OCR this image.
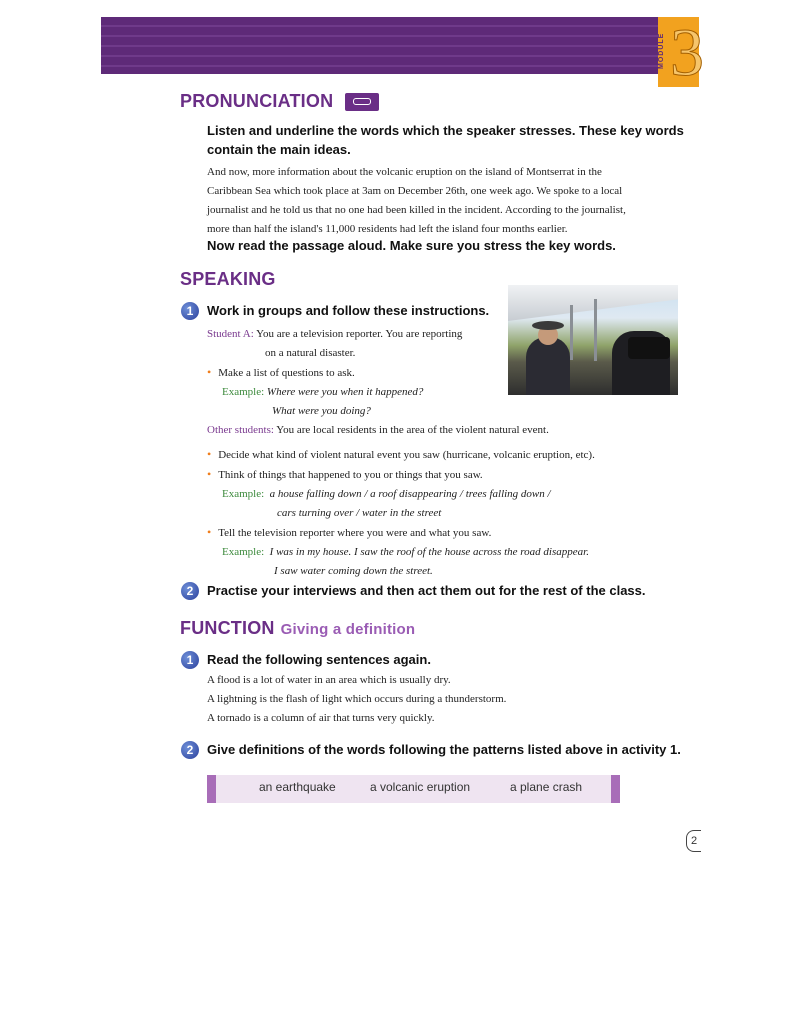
MODULE 3
PRONUNCIATION
Listen and underline the words which the speaker stresses. These key words
contain the main ideas.
And now, more information about the volcanic eruption on the island of Montserrat in the
Caribbean Sea which took place at 3am on December 26th, one week ago. We spoke to a local
journalist and he told us that no one had been killed in the incident. According to the journalist,
more than half the island's 11,000 residents had left the island four months earlier.
Now read the passage aloud. Make sure you stress the key words.
SPEAKING
1	Work in groups and follow these instructions.
Student A: You are a television reporter. You are reporting
on a natural disaster.
• Make a list of questions to ask.
Example: Where were you when it happened?
What were you doing?
Other students: You are local residents in the area of the violent natural event.
• Decide what kind of violent natural event you saw (hurricane, volcanic eruption, etc).
• Think of things that happened to you or things that you saw.
Example: a house falling down / a roof disappearing / trees falling down /
cars turning over / water in the street
• Tell the television reporter where you were and what you saw.
Example: I was in my house. I saw the roof of the house across the road disappear.
I saw water coming down the street.
2	Practise your interviews and then act them out for the rest of the class.
FUNCTION Giving a definition
1	Read the following sentences again.
A flood is a lot of water in an area which is usually dry.
A lightning is the flash of light which occurs during a thunderstorm.
A tornado is a column of air that turns very quickly.
2	Give definitions of the words following the patterns listed above in activity 1.
an earthquake	a volcanic eruption	a plane crash
2
